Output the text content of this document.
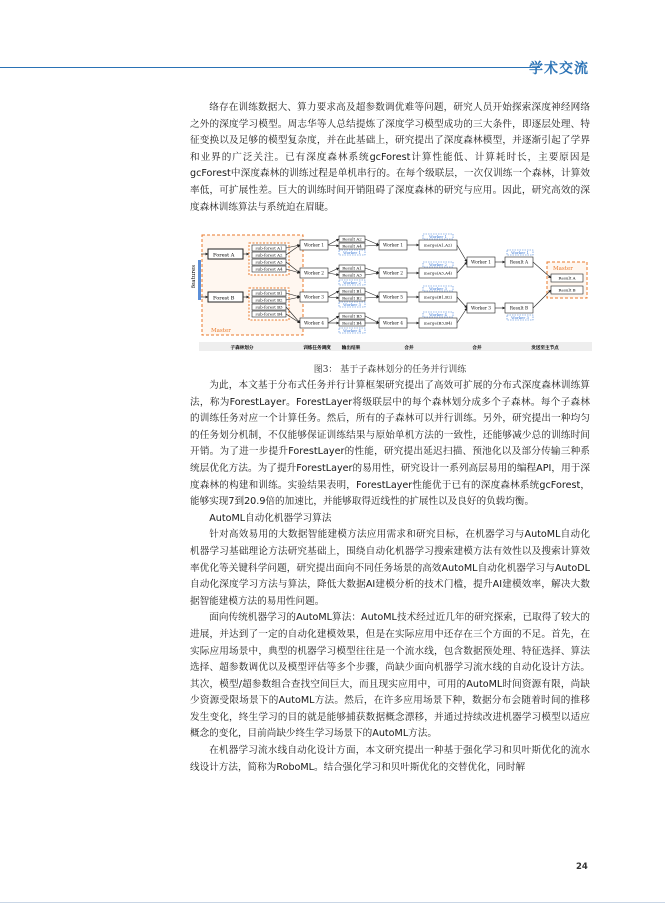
学术交流

络存在训练数据大、算力要求高及超参数调优难等问题，研究人员开始探索深度神经网络之外的深度学习模型。周志华等人总结提炼了深度学习模型成功的三大条件，即逐层处理、特征变换以及足够的模型复杂度，并在此基础上，研究提出了深度森林模型，并逐渐引起了学界和业界的广泛关注。已有深度森林系统gcForest计算性能低、计算耗时长，主要原因是gcForest中深度森林的训练过程是单机串行的。在每个级联层，一次仅训练一个森林，计算效率低，可扩展性差。巨大的训练时间开销阻碍了深度森林的研究与应用。因此，研究高效的深度森林训练算法与系统迫在眉睫。

Master
Master
features
Forest A
Forest B
sub-forest A1
sub-forest A2
sub-forest A3
sub-forest A4
sub-forest B1
sub-forest B2
sub-forest B3
sub-forest B4
Worker 1
Worker 2
Worker 3
Worker 4
Result A2
Result A4
Result A1
Result A3
Result B1
Result B2
Result B3
Result B4
Worker 1
Worker 2
Worker 3
Worker 4
Worker 1
Worker 2
Worker 5
Worker 4
merge(A1,A2)
merge(A3,A4)
merge(B1,B2)
merge(B3,B4)
Worker 1
Worker 2
Worker 3
Worker 4
Worker 1	Result A
Worker 1
Worker 3	Result B
Worker 3
Result A
Result B
子森林划分	训练任务调度 输出结果	合并	合并	发送至主节点
图3： 基于子森林划分的任务并行训练

为此，本文基于分布式任务并行计算框架研究提出了高效可扩展的分布式深度森林训练算法，称为ForestLayer。ForestLayer将级联层中的每个森林划分成多个子森林。每个子森林的训练任务对应一个计算任务。然后，所有的子森林可以并行训练。另外，研究提出一种均匀的任务划分机制，不仅能够保证训练结果与原始单机方法的一致性，还能够减少总的训练时间开销。为了进一步提升ForestLayer的性能，研究提出延迟扫描、预池化以及部分传输三种系统层优化方法。为了提升ForestLayer的易用性，研究设计一系列高层易用的编程API，用于深度森林的构建和训练。实验结果表明，ForestLayer性能优于已有的深度森林系统gcForest，能够实现7到20.9倍的加速比，并能够取得近线性的扩展性以及良好的负载均衡。

AutoML自动化机器学习算法

针对高效易用的大数据智能建模方法应用需求和研究目标，在机器学习与AutoML自动化机器学习基础理论方法研究基础上，围绕自动化机器学习搜索建模方法有效性以及搜索计算效率优化等关键科学问题，研究提出面向不同任务场景的高效AutoML自动化机器学习与AutoDL自动化深度学习方法与算法，降低大数据AI建模分析的技术门槛，提升AI建模效率，解决大数据智能建模方法的易用性问题。

面向传统机器学习的AutoML算法：AutoML技术经过近几年的研究探索，已取得了较大的进展，并达到了一定的自动化建模效果，但是在实际应用中还存在三个方面的不足。首先，在实际应用场景中，典型的机器学习模型往往是一个流水线，包含数据预处理、特征选择、算法选择、超参数调优以及模型评估等多个步骤，尚缺少面向机器学习流水线的自动化设计方法。其次，模型/超参数组合查找空间巨大，而且现实应用中，可用的AutoML时间资源有限，尚缺少资源受限场景下的AutoML方法。然后，在许多应用场景下种，数据分布会随着时间的推移发生变化，终生学习的目的就是能够捕获数据概念漂移，并通过持续改进机器学习模型以适应概念的变化，目前尚缺少终生学习场景下的AutoML方法。

在机器学习流水线自动化设计方面，本文研究提出一种基于强化学习和贝叶斯优化的流水线设计方法，简称为RoboML。结合强化学习和贝叶斯优化的交替优化，同时解

24
